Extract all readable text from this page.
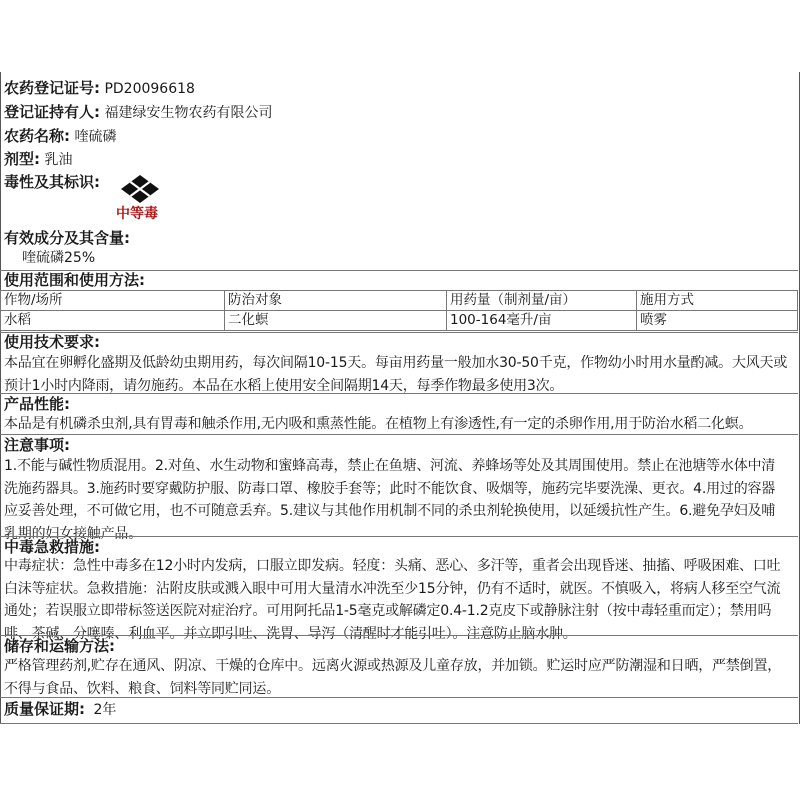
农药登记证号: PD20096618
登记证持有人: 福建绿安生物农药有限公司
农药名称: 喹硫磷
剂型: 乳油
毒性及其标识:
中等毒
有效成分及其含量:
喹硫磷25%
使用范围和使用方法:
作物/场所	防治对象	用药量（制剂量/亩）	施用方式
水稻	二化螟	100-164毫升/亩	喷雾
使用技术要求:
本品宜在卵孵化盛期及低龄幼虫期用药，每次间隔10-15天。每亩用药量一般加水30-50千克，作物幼小时用水量酌减。大风天或
预计1小时内降雨，请勿施药。本品在水稻上使用安全间隔期14天，每季作物最多使用3次。
产品性能:
本品是有机磷杀虫剂,具有胃毒和触杀作用,无内吸和熏蒸性能。在植物上有渗透性,有一定的杀卵作用,用于防治水稻二化螟。
注意事项:
1.不能与碱性物质混用。2.对鱼、水生动物和蜜蜂高毒，禁止在鱼塘、河流、养蜂场等处及其周围使用。禁止在池塘等水体中清
洗施药器具。3.施药时要穿戴防护服、防毒口罩、橡胶手套等；此时不能饮食、吸烟等，施药完毕要洗澡、更衣。4.用过的容器
应妥善处理，不可做它用，也不可随意丢弃。5.建议与其他作用机制不同的杀虫剂轮换使用，以延缓抗性产生。6.避免孕妇及哺
乳期的妇女接触产品。
中毒急救措施:
中毒症状：急性中毒多在12小时内发病，口服立即发病。轻度：头痛、恶心、多汗等，重者会出现昏迷、抽搐、呼吸困难、口吐
白沫等症状。急救措施：沾附皮肤或溅入眼中可用大量清水冲洗至少15分钟，仍有不适时，就医。不慎吸入，将病人移至空气流
通处；若误服立即带标签送医院对症治疗。可用阿托品1-5毫克或解磷定0.4-1.2克皮下或静脉注射（按中毒轻重而定）；禁用吗
啡、茶碱、分噻嗪、利血平。并立即引吐、洗胃、导泻（清醒时才能引吐）。注意防止脑水肿。
储存和运输方法:
严格管理药剂,贮存在通风、阴凉、干燥的仓库中。远离火源或热源及儿童存放，并加锁。贮运时应严防潮湿和日晒，严禁倒置，
不得与食品、饮料、粮食、饲料等同贮同运。
质量保证期: 2年
